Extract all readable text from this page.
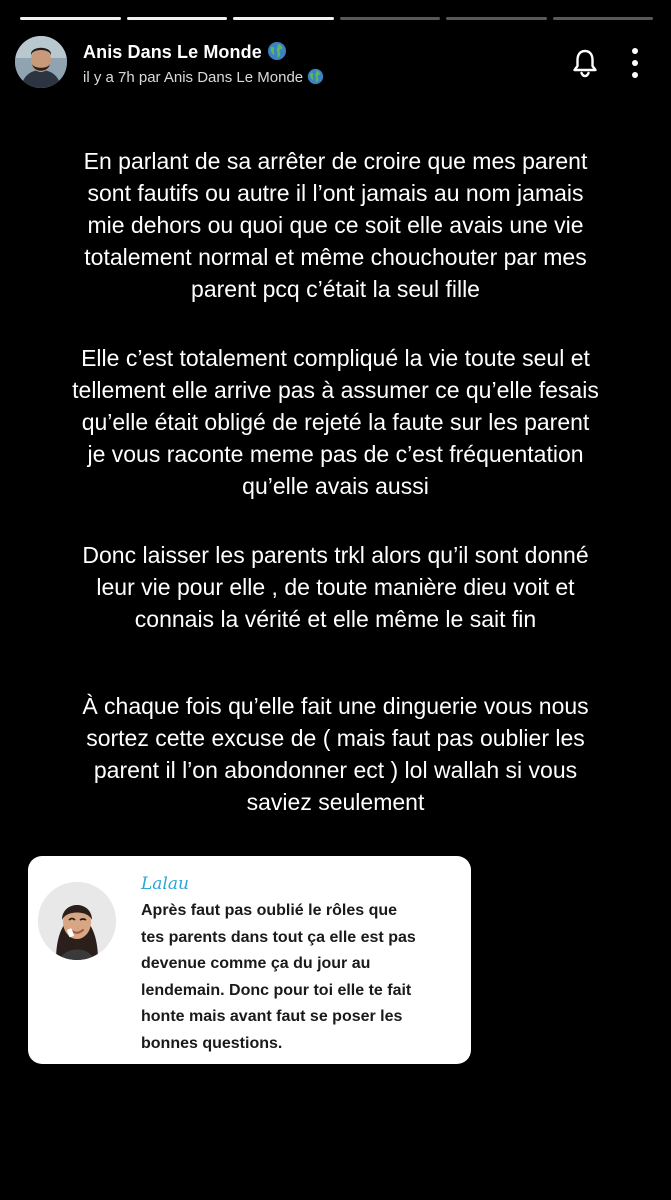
Anis Dans Le Monde
il y a 7h par Anis Dans Le Monde
En parlant de sa arrêter de croire que mes parent
sont fautifs ou autre il l’ont jamais au nom jamais
mie dehors ou quoi que ce soit elle avais une vie
totalement normal et même chouchouter par mes
parent pcq c’était la seul fille
Elle c’est totalement compliqué la vie toute seul et
tellement elle arrive pas à assumer ce qu’elle fesais
qu’elle était obligé de rejeté la faute sur les parent
je vous raconte meme pas de c’est fréquentation
qu’elle avais aussi
Donc laisser les parents trkl alors qu’il sont donné
leur vie pour elle , de toute manière dieu voit et
connais la vérité et elle même le sait fin
À chaque fois qu’elle fait une dinguerie vous nous
sortez cette excuse de ( mais faut pas oublier les
parent il l’on abondonner ect ) lol wallah si vous
saviez seulement
Lalau
Après faut pas oublié le rôles que
tes parents dans tout ça elle est pas
devenue comme ça du jour au
lendemain. Donc pour toi elle te fait
honte mais avant faut se poser les
bonnes questions.
